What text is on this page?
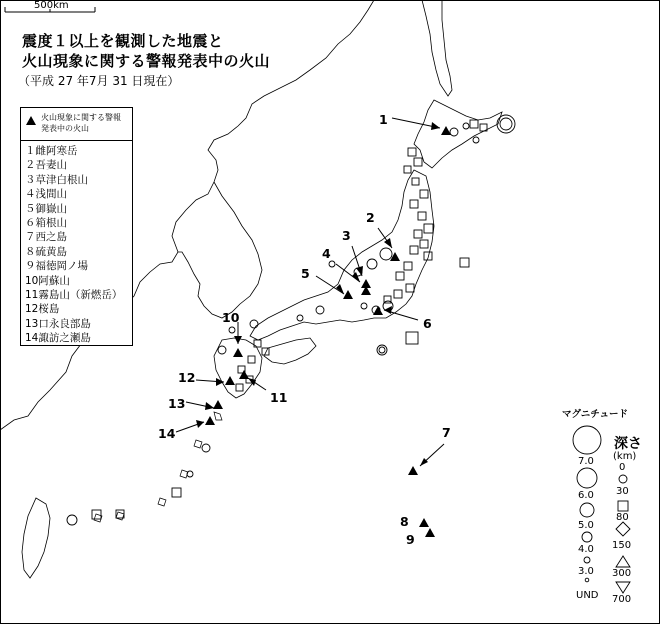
500km
震度１以上を観測した地震と
火山現象に関する警報発表中の火山
（平成 27 年7月 31 日現在）
火山現象に関する警報発表中の火山
１雌阿寒岳
２吾妻山
３草津白根山
４浅間山
５御嶽山
６箱根山
７西之島
８硫黄島
９福徳岡ノ場
10阿蘇山
11霧島山（新燃岳）
12桜島
13口永良部島
14諏訪之瀬島
1
2
3
4
5
6
7
8
9
10
11
12
13
14
マグニチュード
深さ
(km)
7.0
6.0
5.0
4.0
3.0
UND
0
30
80
150
300
700
